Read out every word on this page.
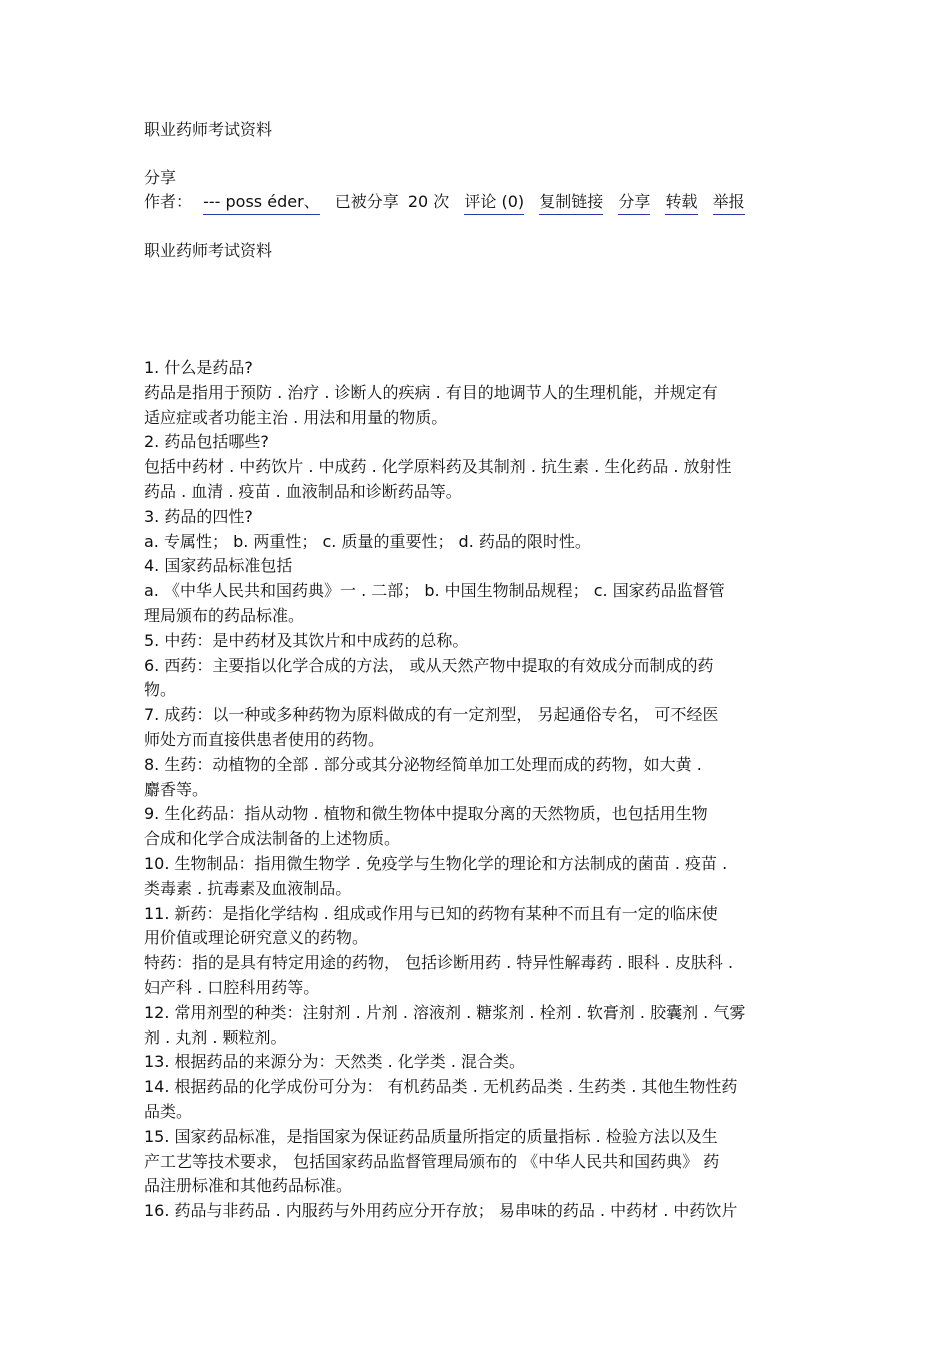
职业药师考试资料
分享
作者： --- poss éder、 已被分享 20 次 评论 (0) 复制链接 分享 转载 举报
职业药师考试资料

1. 什么是药品?

药品是指用于预防 . 治疗 . 诊断人的疾病 . 有目的地调节人的生理机能，并规定有

适应症或者功能主治 . 用法和用量的物质。

2. 药品包括哪些?

包括中药材 . 中药饮片 . 中成药 . 化学原料药及其制剂 . 抗生素 . 生化药品 . 放射性

药品 . 血清 . 疫苗 . 血液制品和诊断药品等。

3. 药品的四性?

a. 专属性； b. 两重性； c. 质量的重要性； d. 药品的限时性。

4. 国家药品标准包括

a. 《中华人民共和国药典》一 . 二部； b. 中国生物制品规程； c. 国家药品监督管

理局颁布的药品标准。

5. 中药：是中药材及其饮片和中成药的总称。

6. 西药：主要指以化学合成的方法， 或从天然产物中提取的有效成分而制成的药

物。

7. 成药：以一种或多种药物为原料做成的有一定剂型， 另起通俗专名， 可不经医

师处方而直接供患者使用的药物。

8. 生药：动植物的全部 . 部分或其分泌物经简单加工处理而成的药物，如大黄 .

麝香等。

9. 生化药品：指从动物 . 植物和微生物体中提取分离的天然物质，也包括用生物

合成和化学合成法制备的上述物质。

10. 生物制品：指用微生物学 . 免疫学与生物化学的理论和方法制成的菌苗 . 疫苗 .

类毒素 . 抗毒素及血液制品。

11. 新药：是指化学结构 . 组成或作用与已知的药物有某种不而且有一定的临床使

用价值或理论研究意义的药物。

特药：指的是具有特定用途的药物， 包括诊断用药 . 特异性解毒药 . 眼科 . 皮肤科 .

妇产科 . 口腔科用药等。

12. 常用剂型的种类：注射剂 . 片剂 . 溶液剂 . 糖浆剂 . 栓剂 . 软膏剂 . 胶囊剂 . 气雾

剂 . 丸剂 . 颗粒剂。

13. 根据药品的来源分为：天然类 . 化学类 . 混合类。

14. 根据药品的化学成份可分为： 有机药品类 . 无机药品类 . 生药类 . 其他生物性药

品类。

15. 国家药品标准，是指国家为保证药品质量所指定的质量指标 . 检验方法以及生

产工艺等技术要求， 包括国家药品监督管理局颁布的 《中华人民共和国药典》 药

品注册标准和其他药品标准。

16. 药品与非药品 . 内服药与外用药应分开存放； 易串味的药品 . 中药材 . 中药饮片
